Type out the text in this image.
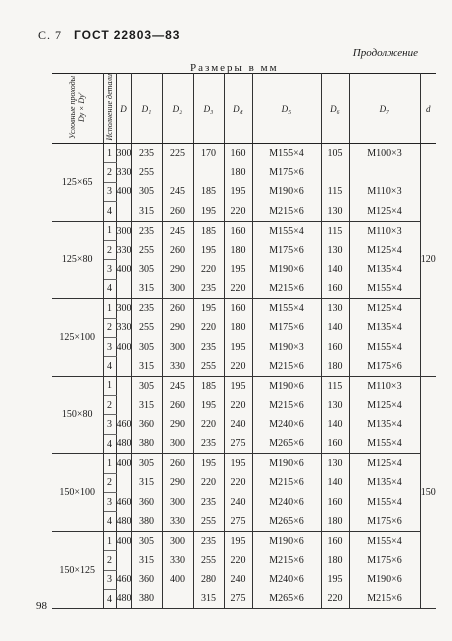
С. 7 ГОСТ 22803—83
Продолжение
Размеры в мм
Условные проходы Dу×Dу'	Исполнение детали	D	D₁	D₂	D₃	D₄	D₅	D₆	D₇	d
125×65	1	300	235	225	170	160	M155×4	105	M100×3	120
	2	330	255			180	M175×6			
	3	400	305	245	185	195	M190×6	115	M110×3	
	4		315	260	195	220	M215×6	130	M125×4	
125×80	1	300	235	245	185	160	M155×4	115	M110×3	
	2	330	255	260	195	180	M175×6	130	M125×4	
	3	400	305	290	220	195	M190×6	140	M135×4	
	4		315	300	235	220	M215×6	160	M155×4	
125×100	1	300	235	260	195	160	M155×4	130	M125×4	
	2	330	255	290	220	180	M175×6	140	M135×4	
	3	400	305	300	235	195	M190×3	160	M155×4	
	4		315	330	255	220	M215×6	180	M175×6	
150×80	1		305	245	185	195	M190×6	115	M110×3	150
	2		315	260	195	220	M215×6	130	M125×4	
	3	460	360	290	220	240	M240×6	140	M135×4	
	4	480	380	300	235	275	M265×6	160	M155×4	
150×100	1	400	305	260	195	195	M190×6	130	M125×4	
	2		315	290	220	220	M215×6	140	M135×4	
	3	460	360	300	235	240	M240×6	160	M155×4	
	4	480	380	330	255	275	M265×6	180	M175×6	
150×125	1	400	305	300	235	195	M190×6	160	M155×4	
	2		315	330	255	220	M215×6	180	M175×6	
	3	460	360	400	280	240	M240×6	195	M190×6	
	4	480	380		315	275	M265×6	220	M215×6	
98
